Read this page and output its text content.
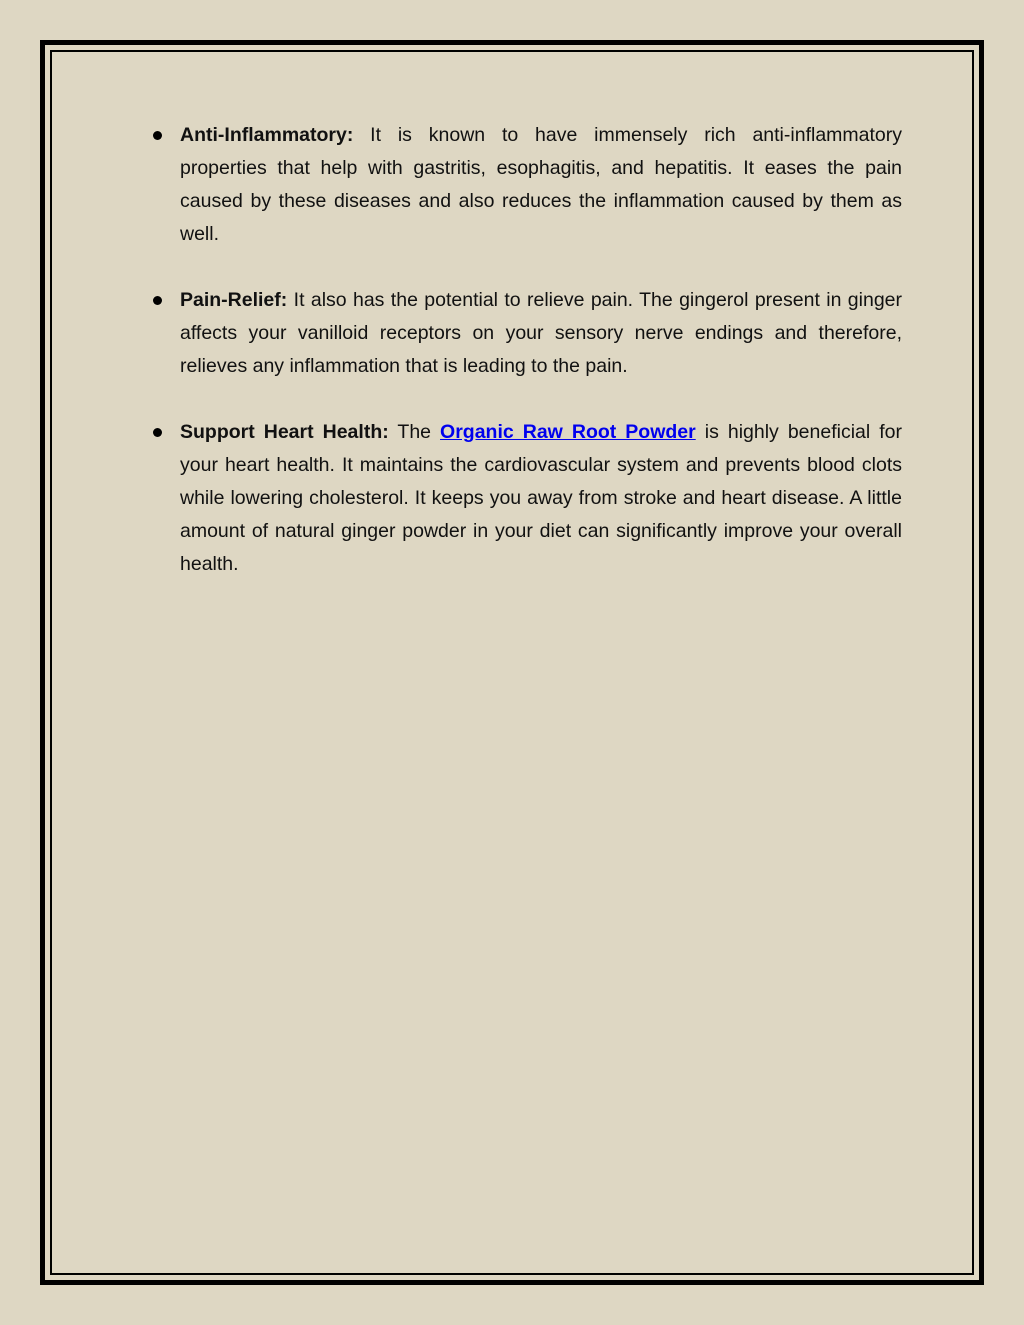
Anti-Inflammatory: It is known to have immensely rich anti-inflammatory properties that help with gastritis, esophagitis, and hepatitis. It eases the pain caused by these diseases and also reduces the inflammation caused by them as well.
Pain-Relief: It also has the potential to relieve pain. The gingerol present in ginger affects your vanilloid receptors on your sensory nerve endings and therefore, relieves any inflammation that is leading to the pain.
Support Heart Health: The Organic Raw Root Powder is highly beneficial for your heart health. It maintains the cardiovascular system and prevents blood clots while lowering cholesterol. It keeps you away from stroke and heart disease. A little amount of natural ginger powder in your diet can significantly improve your overall health.
